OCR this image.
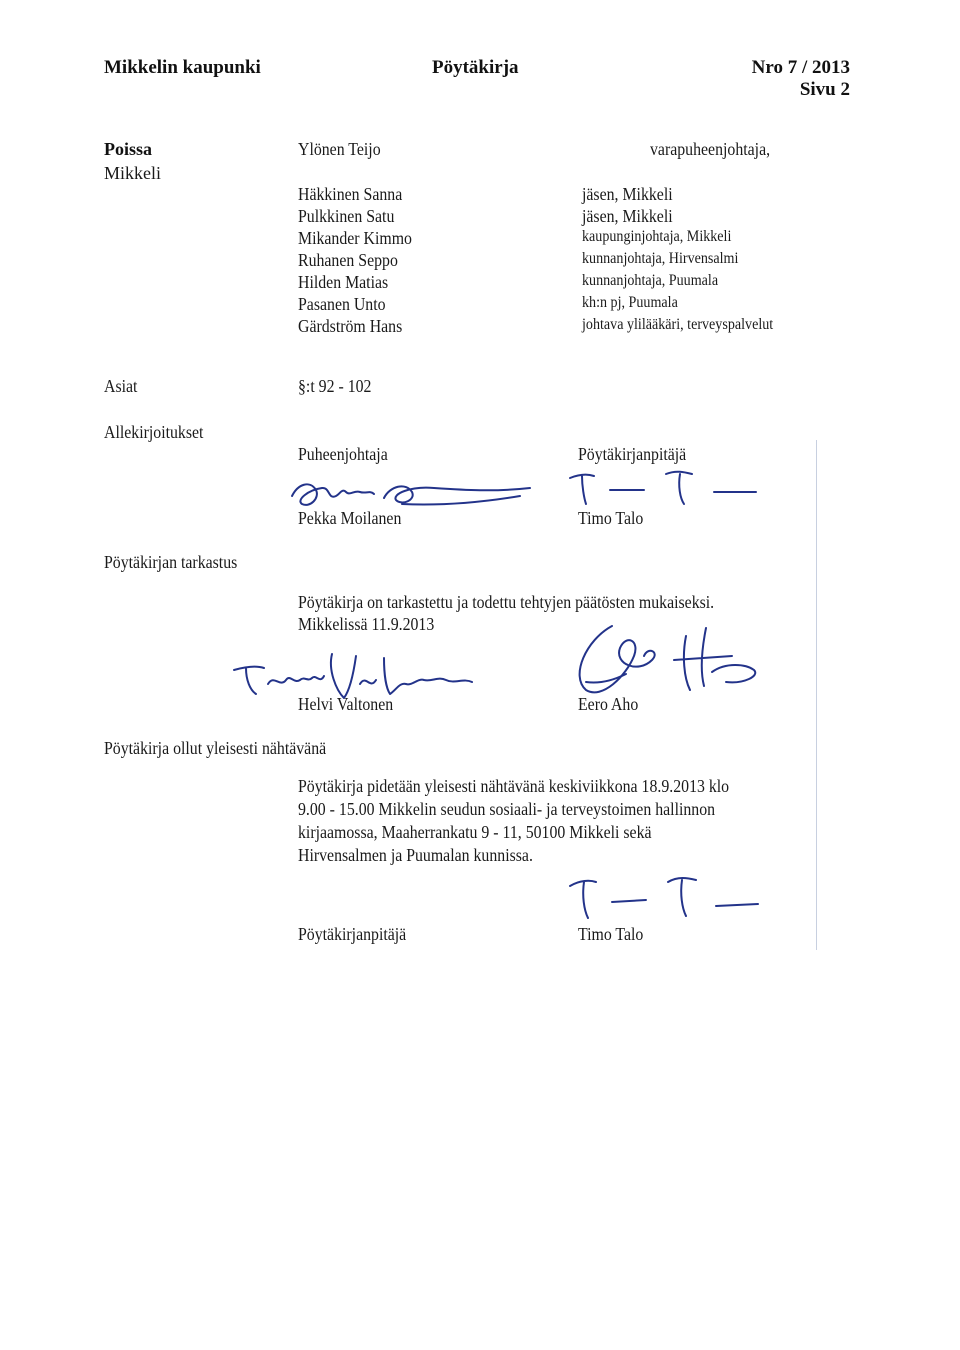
Mikkelin kaupunki	Pöytäkirja	Nro 7 / 2013
Sivu 2
Poissa
Mikkeli
Ylönen Teijo	varapuheenjohtaja,
Häkkinen Sanna	jäsen, Mikkeli
Pulkkinen Satu	jäsen, Mikkeli
Mikander Kimmo	kaupunginjohtaja, Mikkeli
Ruhanen Seppo	kunnanjohtaja, Hirvensalmi
Hilden Matias	kunnanjohtaja, Puumala
Pasanen Unto	kh:n pj, Puumala
Gärdström Hans	johtava ylilääkäri, terveyspalvelut
Asiat	§:t 92 - 102
Allekirjoitukset
Puheenjohtaja	Pöytäkirjanpitäjä
Pekka Moilanen	Timo Talo
Pöytäkirjan tarkastus
Pöytäkirja on tarkastettu ja todettu tehtyjen päätösten mukaiseksi.
Mikkelissä 11.9.2013
Helvi Valtonen	Eero Aho
Pöytäkirja ollut yleisesti nähtävänä
Pöytäkirja pidetään yleisesti nähtävänä keskiviikkona 18.9.2013 klo
9.00 - 15.00 Mikkelin seudun sosiaali- ja terveystoimen hallinnon
kirjaamossa, Maaherrankatu 9 - 11, 50100 Mikkeli sekä
Hirvensalmen ja Puumalan kunnissa.
Pöytäkirjanpitäjä	Timo Talo
